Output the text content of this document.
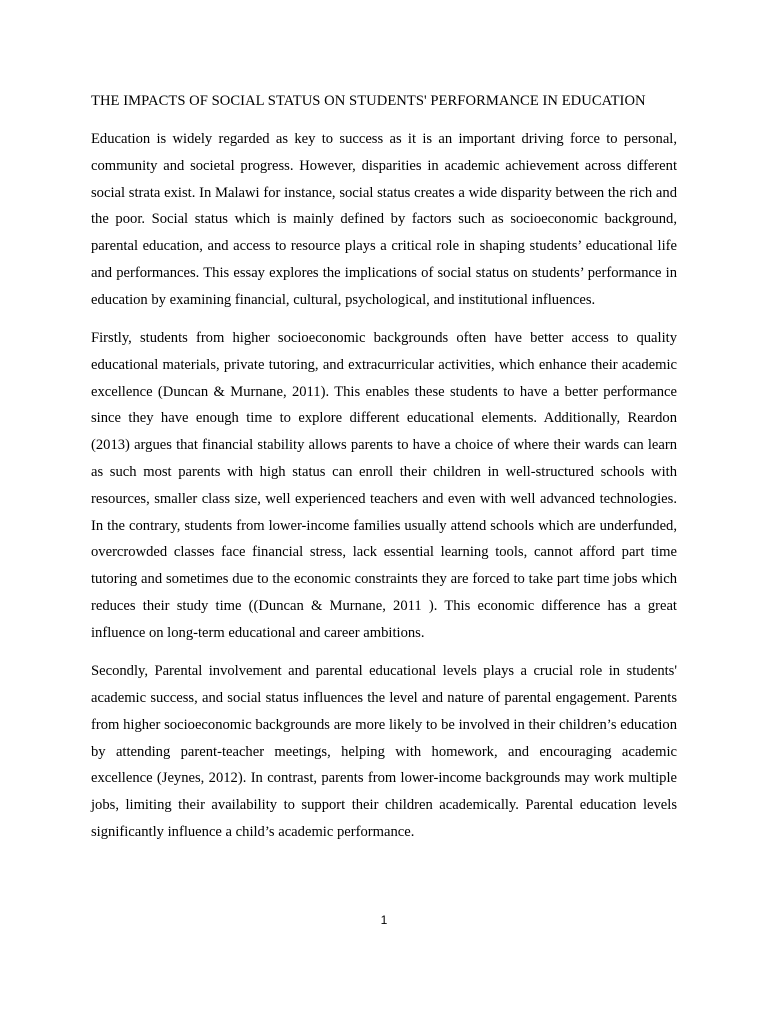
THE IMPACTS OF SOCIAL STATUS ON STUDENTS' PERFORMANCE IN EDUCATION

Education is widely regarded as key to success as it is an important driving force to personal, community and societal progress. However, disparities in academic achievement across different social strata exist. In Malawi for instance, social status creates a wide disparity between the rich and the poor. Social status which is mainly defined by factors such as socioeconomic background, parental education, and access to resource plays a critical role in shaping students’ educational life and performances. This essay explores the implications of social status on students’ performance in education by examining financial, cultural, psychological, and institutional influences.

Firstly, students from higher socioeconomic backgrounds often have better access to quality educational materials, private tutoring, and extracurricular activities, which enhance their academic excellence (Duncan & Murnane, 2011). This enables these students to have a better performance since they have enough time to explore different educational elements. Additionally, Reardon (2013) argues that financial stability allows parents to have a choice of where their wards can learn as such most parents with high status can enroll their children in well-structured schools with resources, smaller class size, well experienced teachers and even with well advanced technologies. In the contrary, students from lower-income families usually attend schools which are underfunded, overcrowded classes face financial stress, lack essential learning tools, cannot afford part time tutoring and sometimes due to the economic constraints they are forced to take part time jobs which reduces their study time ((Duncan & Murnane, 2011 ). This economic difference has a great influence on long-term educational and career ambitions.

Secondly, Parental involvement and parental educational levels plays a crucial role in students' academic success, and social status influences the level and nature of parental engagement. Parents from higher socioeconomic backgrounds are more likely to be involved in their children’s education by attending parent-teacher meetings, helping with homework, and encouraging academic excellence (Jeynes, 2012). In contrast, parents from lower-income backgrounds may work multiple jobs, limiting their availability to support their children academically. Parental education levels significantly influence a child’s academic performance.

1
